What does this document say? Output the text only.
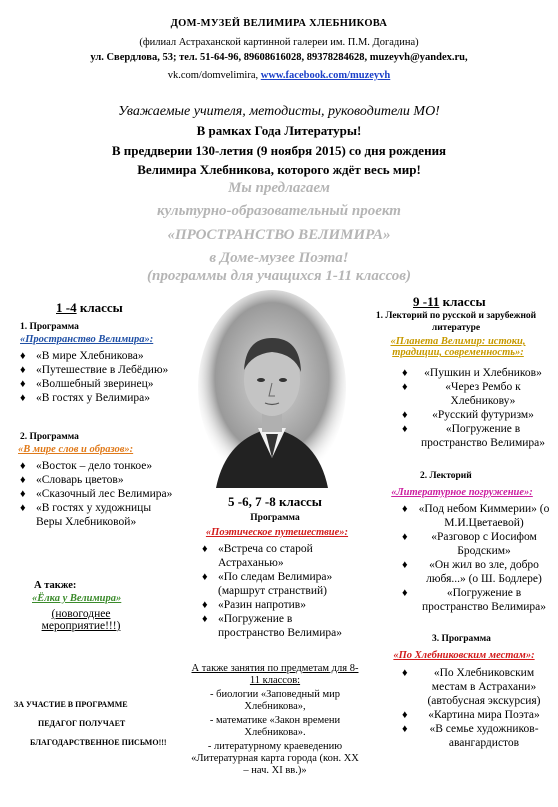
ДОМ-МУЗЕЙ ВЕЛИМИРА ХЛЕБНИКОВА
(филиал Астраханской картинной галереи им. П.М. Догадина)
ул. Свердлова, 53; тел. 51-64-96, 89608616028, 89378284628, muzeyvh@yandex.ru,
vk.com/domvelimira, www.facebook.com/muzeyvh
Уважаемые учителя, методисты, руководители МО!
В рамках Года Литературы!
В преддверии 130-летия (9 ноября 2015) со дня рождения
Велимира Хлебникова, которого ждёт весь мир!
Мы предлагаем
культурно-образовательный проект
«ПРОСТРАНСТВО ВЕЛИМИРА»
в Доме-музее Поэта!
(программы для учащихся 1-11 классов)
1 -4 классы
1. Программа
«Пространство Велимира»:
♦ «В мире Хлебникова»
♦ «Путешествие в Лебёдию»
♦ «Волшебный зверинец»
♦ «В гостях у Велимира»
2. Программа
«В мире слов и образов»:
♦ «Восток – дело тонкое»
♦ «Словарь цветов»
♦ «Сказочный лес Велимира»
♦ «В гостях у художницы Веры Хлебниковой»
А также:
«Ёлка у Велимира»
(новогоднее мероприятие!!!)
ЗА УЧАСТИЕ В ПРОГРАММЕ
ПЕДАГОГ ПОЛУЧАЕТ
БЛАГОДАРСТВЕННОЕ ПИСЬМО!!!
5 -6, 7 -8 классы
Программа
«Поэтическое путешествие»:
♦ «Встреча со старой Астраханью»
♦ «По следам Велимира» (маршрут странствий)
♦ «Разин напротив»
♦ «Погружение в пространство Велимира»
А также занятия по предметам для 8-11 классов:
- биологии «Заповедный мир Хлебникова»,
- математике «Закон времени Хлебникова».
- литературному краеведению «Литературная карта города (кон. XX – нач. XI вв.)»
9 -11 классы
1. Лекторий по русской и зарубежной литературе
«Планета Велимир: истоки, традиции, современность»:
♦ «Пушкин и Хлебников»
♦ «Через Рембо к Хлебникову»
♦ «Русский футуризм»
♦ «Погружение в пространство Велимира»
2. Лекторий
«Литературное погружение»:
♦ «Под небом Киммерии» (о М.И.Цветаевой)
♦ «Разговор с Иосифом Бродским»
♦ «Он жил во зле, добро любя...» (о Ш. Бодлере)
♦ «Погружение в пространство Велимира»
3. Программа
«По Хлебниковским местам»:
♦ «По Хлебниковским местам в Астрахани» (автобусная экскурсия)
♦ «Картина мира Поэта»
♦ «В семье художников-авангардистов
